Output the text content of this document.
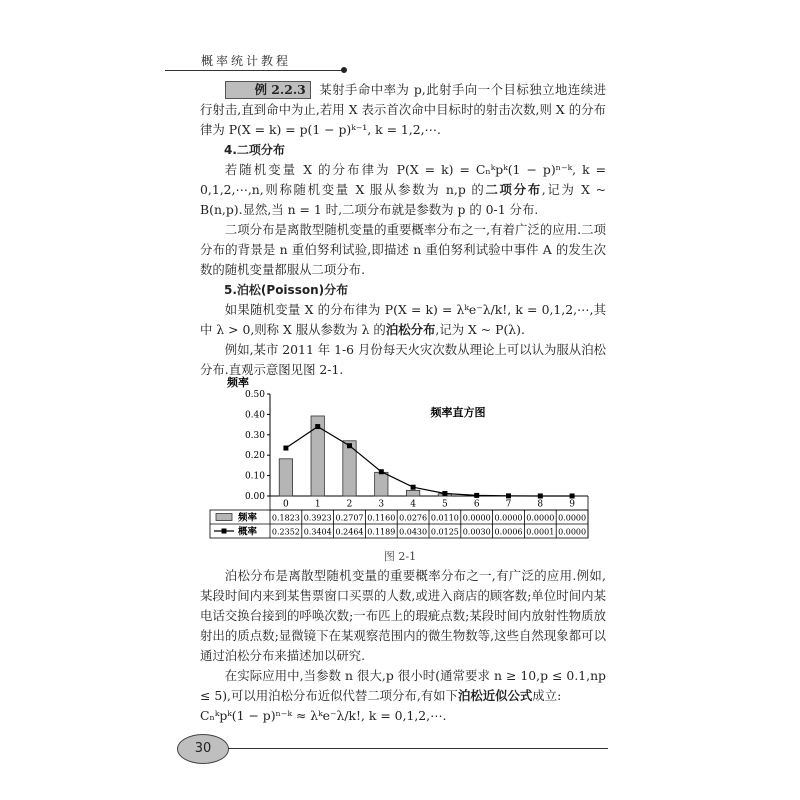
概率统计教程

例 2.2.3 某射手命中率为 p,此射手向一个目标独立地连续进行射击,直到命中为止,若用 X 表示首次命中目标时的射击次数,则 X 的分布律为 P(X = k) = p(1 − p)ᵏ⁻¹, k = 1,2,⋯.

4.二项分布

若随机变量 X 的分布律为 P(X = k) = Cₙᵏpᵏ(1 − p)ⁿ⁻ᵏ, k = 0,1,2,⋯,n,则称随机变量 X 服从参数为 n,p 的二项分布,记为 X ~ B(n,p).显然,当 n = 1 时,二项分布就是参数为 p 的 0-1 分布.

二项分布是离散型随机变量的重要概率分布之一,有着广泛的应用.二项分布的背景是 n 重伯努利试验,即描述 n 重伯努利试验中事件 A 的发生次数的随机变量都服从二项分布.

5.泊松(Poisson)分布

如果随机变量 X 的分布律为 P(X = k) = λᵏe⁻λ/k!, k = 0,1,2,⋯,其中 λ > 0,则称 X 服从参数为 λ 的泊松分布,记为 X ~ P(λ).

例如,某市 2011 年 1-6 月份每天火灾次数从理论上可以认为服从泊松分布.直观示意图见图 2-1.

0.00
0.10
0.20
0.30
0.40
0.50
0	1	2	3	4	5	6	7	8	9
频率 0.1823 0.3923 0.2707 0.1160 0.0276 0.0110 0.0000 0.0000 0.0000 0.0000
概率 0.2352 0.3404 0.2464 0.1189 0.0430 0.0125 0.0030 0.0006 0.0001 0.0000
频率直方图
频率
图 2-1

泊松分布是离散型随机变量的重要概率分布之一,有广泛的应用.例如,某段时间内来到某售票窗口买票的人数,或进入商店的顾客数;单位时间内某电话交换台接到的呼唤次数;一布匹上的瑕疵点数;某段时间内放射性物质放射出的质点数;显微镜下在某观察范围内的微生物数等,这些自然现象都可以通过泊松分布来描述加以研究.

在实际应用中,当参数 n 很大,p 很小时(通常要求 n ≥ 10,p ≤ 0.1,np ≤ 5),可以用泊松分布近似代替二项分布,有如下泊松近似公式成立:

Cₙᵏpᵏ(1 − p)ⁿ⁻ᵏ ≈ λᵏe⁻λ/k!, k = 0,1,2,⋯.

30
